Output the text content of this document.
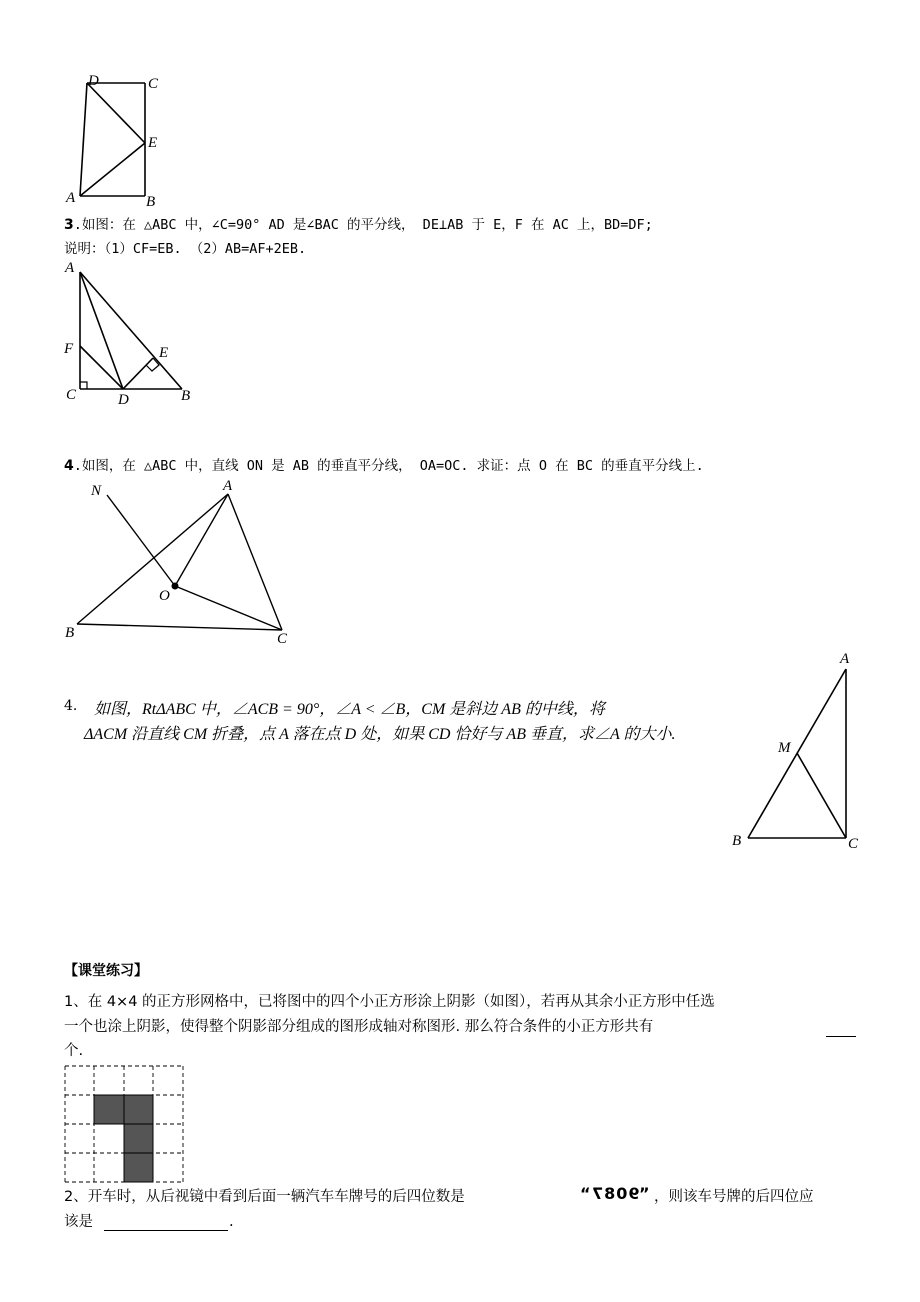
D	C
E
A	B
3.如图：在 △ABC 中，∠C=90° AD 是∠BAC 的平分线， DE⊥AB 于 E，F 在 AC 上，BD=DF;
说明：（1）CF=EB. （2）AB=AF+2EB.
A
F	E
C	D	B
4.如图，在 △ABC 中，直线 ON 是 AB 的垂直平分线， OA=OC. 求证：点 O 在 BC 的垂直平分线上.
N	A
O
B	C
4. 如图，RtΔABC 中，∠ACB = 90°，∠A < ∠B，CM 是斜边 AB 的中线，将
ΔACM 沿直线 CM 折叠，点 A 落在点 D 处，如果 CD 恰好与 AB 垂直，求∠A 的大小.
A
M
B	C
【课堂练习】
1、在 4×4 的正方形网格中，已将图中的四个小正方形涂上阴影（如图），若再从其余小正方形中任选
一个也涂上阴影，使得整个阴影部分组成的图形成轴对称图形. 那么符合条件的小正方形共有
个.
2、开车时，从后视镜中看到后面一辆汽车车牌号的后四位数是	“9087” ，则该车号牌的后四位应
该是	.
